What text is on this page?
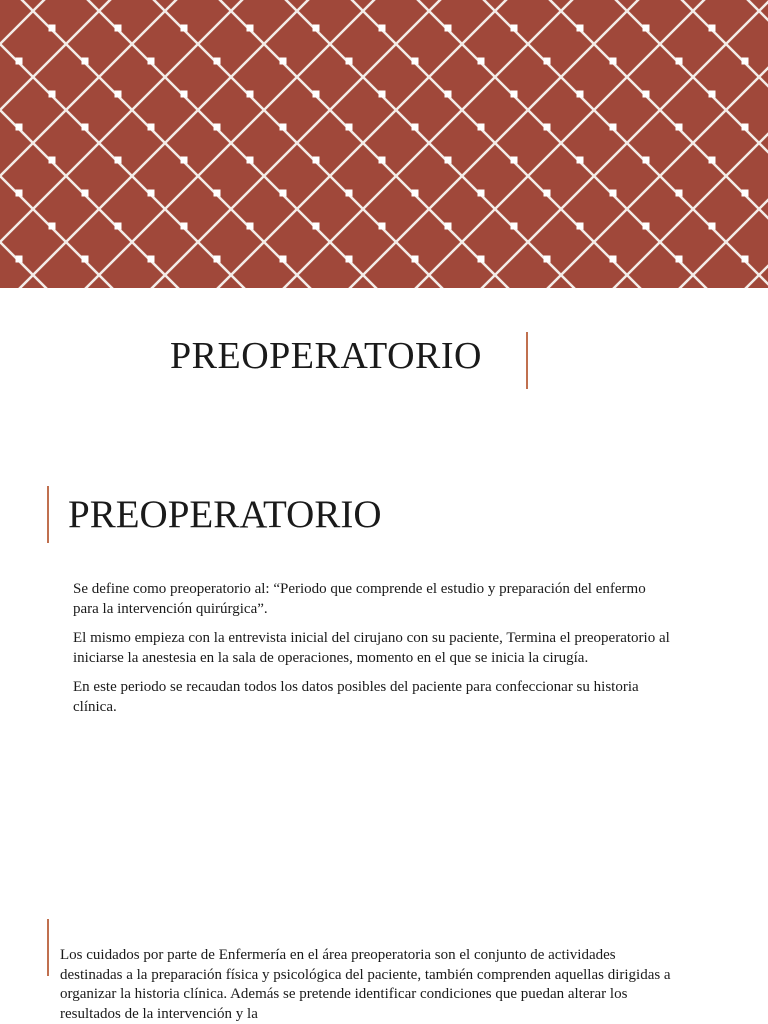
PREOPERATORIO
PREOPERATORIO

Se define como preoperatorio al: “Periodo que comprende el estudio y preparación del enfermo para la intervención quirúrgica”.

El mismo empieza con la entrevista inicial del cirujano con su paciente, Termina el preoperatorio al iniciarse la anestesia en la sala de operaciones, momento en el que se inicia la cirugía.

En este periodo se recaudan todos los datos posibles del paciente para confeccionar su historia clínica.

Los cuidados por parte de Enfermería en el área preoperatoria son el conjunto de actividades destinadas a la preparación física y psicológica del paciente, también comprenden aquellas dirigidas a organizar la historia clínica. Además se pretende identificar condiciones que puedan alterar los resultados de la intervención y la
